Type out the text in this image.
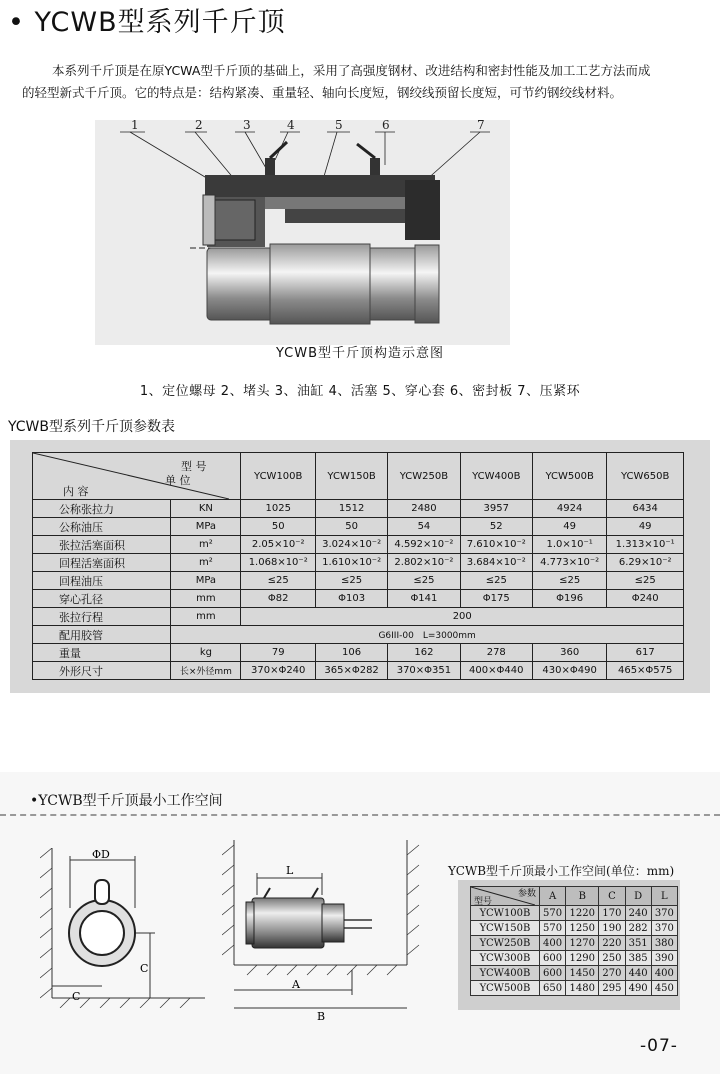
• YCWB型系列千斤顶
本系列千斤顶是在原YCWA型千斤顶的基础上，采用了高强度钢材、改进结构和密封性能及加工工艺方法而成
的轻型新式千斤顶。它的特点是：结构紧凑、重量轻、轴向长度短，钢绞线预留长度短，可节约钢绞线材料。
1	2	3	4	5	6	7
YCWB型千斤顶构造示意图
1、定位螺母 2、堵头 3、油缸 4、活塞 5、穿心套 6、密封板 7、压紧环
YCWB型系列千斤顶参数表
型 号
单 位
内 容		YCW100B	YCW150B	YCW250B	YCW400B	YCW500B	YCW650B
公称张拉力	KN	1025	1512	2480	3957	4924	6434
公称油压	MPa	50	50	54	52	49	49
张拉活塞面积	m²	2.05×10⁻²	3.024×10⁻²	4.592×10⁻²	7.610×10⁻²	1.0×10⁻¹	1.313×10⁻¹
回程活塞面积	m²	1.068×10⁻²	1.610×10⁻²	2.802×10⁻²	3.684×10⁻²	4.773×10⁻²	6.29×10⁻²
回程油压	MPa	≤25	≤25	≤25	≤25	≤25	≤25
穿心孔径	mm	Φ82	Φ103	Φ141	Φ175	Φ196	Φ240
张拉行程	mm	200					
配用胶管	G6III-00　L=3000mm						
重量	kg	79	106	162	278	360	617
外形尺寸	长×外径mm	370×Φ240	365×Φ282	370×Φ351	400×Φ440	430×Φ490	465×Φ575
•YCWB型千斤顶最小工作空间
ΦD
C
C
L
A
B
YCWB型千斤顶最小工作空间(单位：mm)
参数
型号	A	B	C	D	L
YCW100B	570	1220	170	240	370
YCW150B	570	1250	190	282	370
YCW250B	400	1270	220	351	380
YCW300B	600	1290	250	385	390
YCW400B	600	1450	270	440	400
YCW500B	650	1480	295	490	450
-07-
